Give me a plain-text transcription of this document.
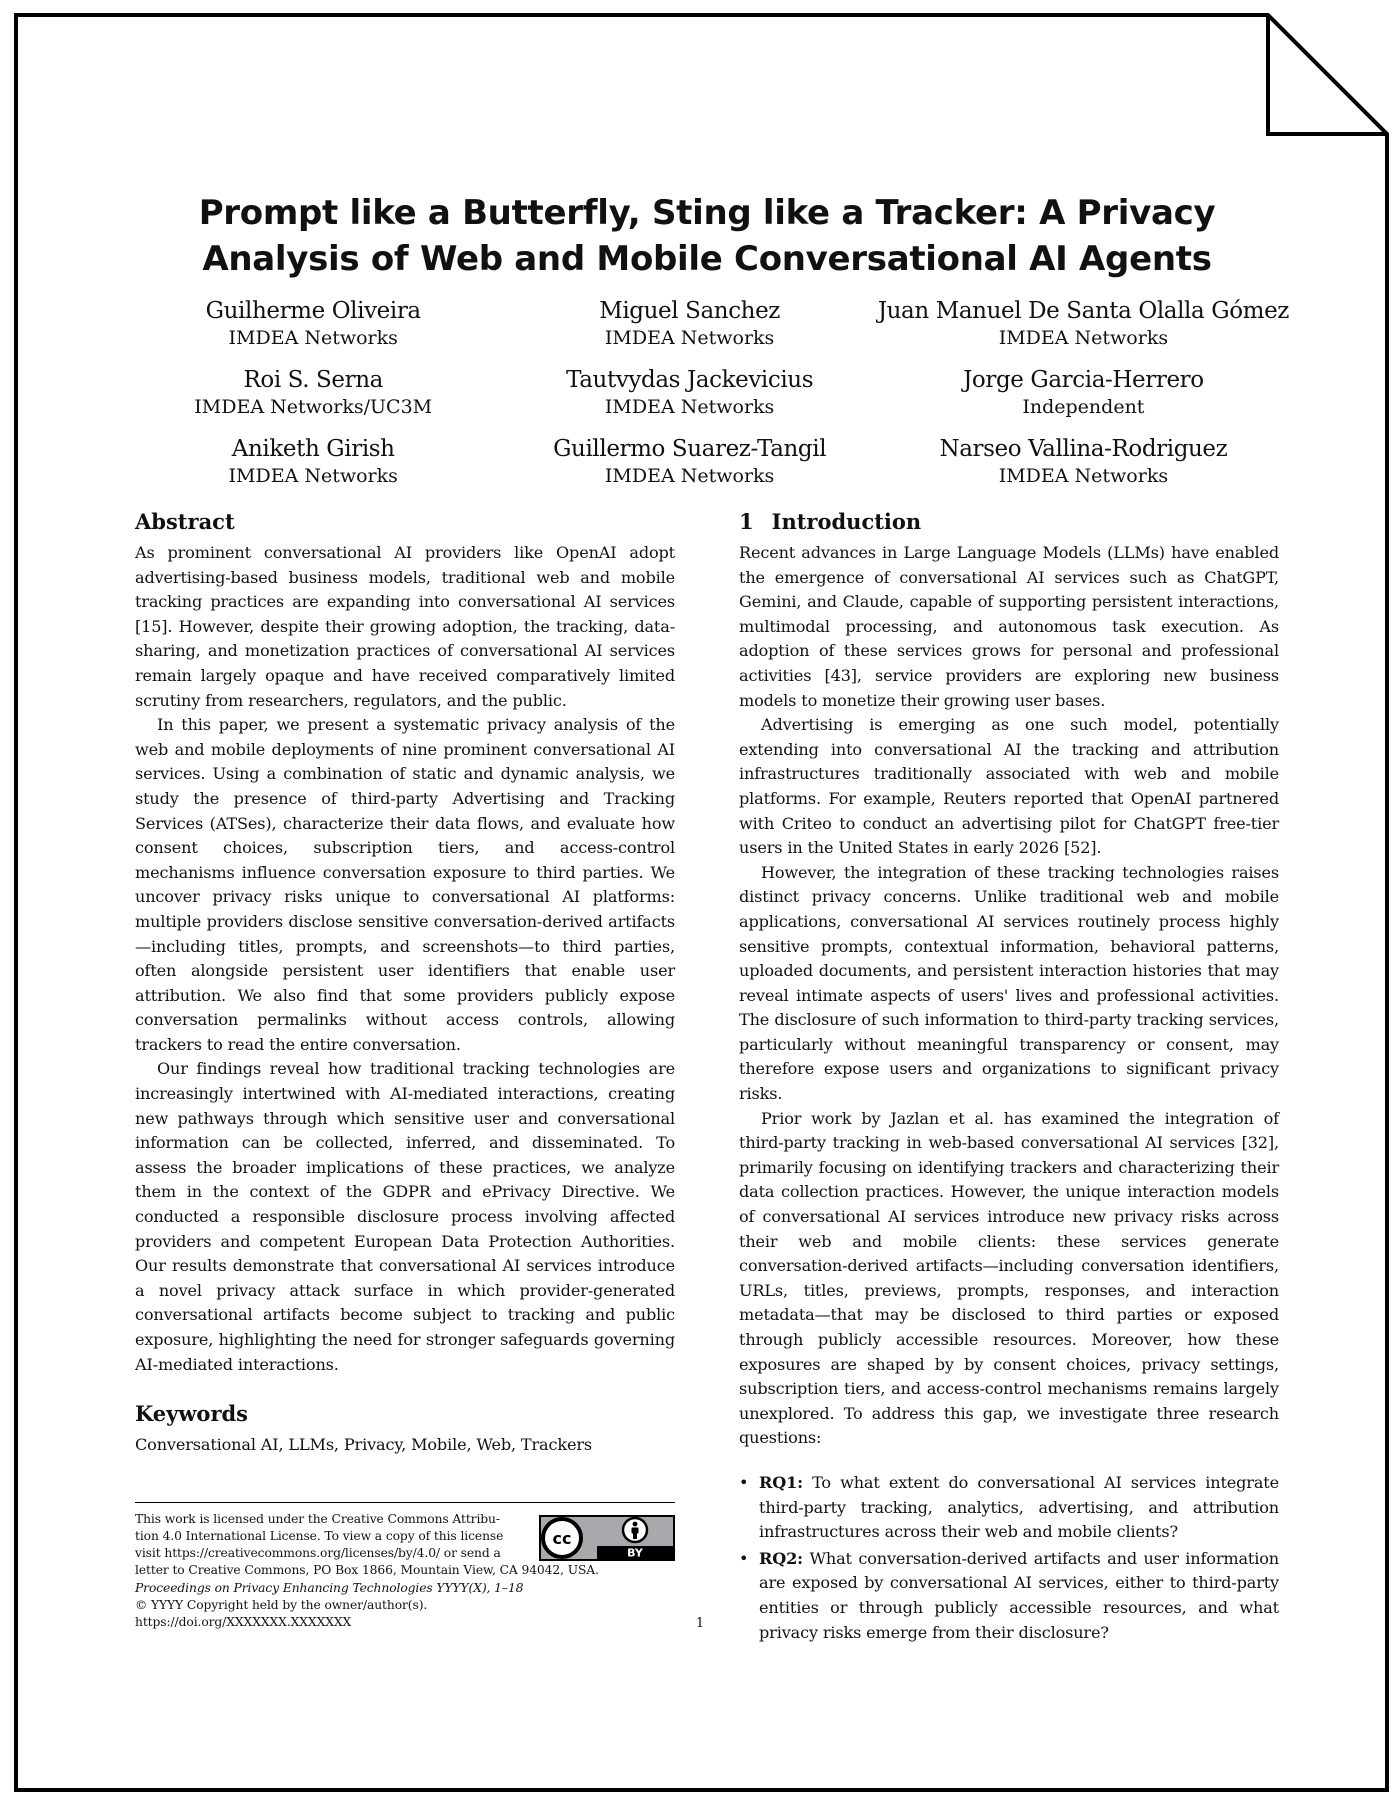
Prompt like a Butterfly, Sting like a Tracker: A Privacy Analysis of Web and Mobile Conversational AI Agents
Guilherme Oliveira
IMDEA Networks
Miguel Sanchez
IMDEA Networks
Juan Manuel De Santa Olalla Gómez
IMDEA Networks
Roi S. Serna
IMDEA Networks/UC3M
Tautvydas Jackevicius
IMDEA Networks
Jorge Garcia-Herrero
Independent
Aniketh Girish
IMDEA Networks
Guillermo Suarez-Tangil
IMDEA Networks
Narseo Vallina-Rodriguez
IMDEA Networks
Abstract

As prominent conversational AI providers like OpenAI adopt advertising-based business models, traditional web and mobile tracking practices are expanding into conversational AI services [15]. However, despite their growing adoption, the tracking, data-sharing, and monetization practices of conversational AI services remain largely opaque and have received comparatively limited scrutiny from researchers, regulators, and the public.

In this paper, we present a systematic privacy analysis of the web and mobile deployments of nine prominent conversational AI services. Using a combination of static and dynamic analysis, we study the presence of third-party Advertising and Tracking Services (ATSes), characterize their data flows, and evaluate how consent choices, subscription tiers, and access-control mechanisms influence conversation exposure to third parties. We uncover privacy risks unique to conversational AI platforms: multiple providers disclose sensitive conversation-derived artifacts—including titles, prompts, and screenshots—to third parties, often alongside persistent user identifiers that enable user attribution. We also find that some providers publicly expose conversation permalinks without access controls, allowing trackers to read the entire conversation.

Our findings reveal how traditional tracking technologies are increasingly intertwined with AI-mediated interactions, creating new pathways through which sensitive user and conversational information can be collected, inferred, and disseminated. To assess the broader implications of these practices, we analyze them in the context of the GDPR and ePrivacy Directive. We conducted a responsible disclosure process involving affected providers and competent European Data Protection Authorities. Our results demonstrate that conversational AI services introduce a novel privacy attack surface in which provider-generated conversational artifacts become subject to tracking and public exposure, highlighting the need for stronger safeguards governing AI-mediated interactions.

Keywords

Conversational AI, LLMs, Privacy, Mobile, Web, Trackers

This work is licensed under the Creative Commons Attribu-
tion 4.0 International License. To view a copy of this license
visit https://creativecommons.org/licenses/by/4.0/ or send a
letter to Creative Commons, PO Box 1866, Mountain View, CA 94042, USA.
Proceedings on Privacy Enhancing Technologies YYYY(X), 1–18
© YYYY Copyright held by the owner/author(s).
https://doi.org/XXXXXXX.XXXXXXX
BY
cc
1 Introduction

Recent advances in Large Language Models (LLMs) have enabled the emergence of conversational AI services such as ChatGPT, Gemini, and Claude, capable of supporting persistent interactions, multimodal processing, and autonomous task execution. As adoption of these services grows for personal and professional activities [43], service providers are exploring new business models to monetize their growing user bases.

Advertising is emerging as one such model, potentially extending into conversational AI the tracking and attribution infrastructures traditionally associated with web and mobile platforms. For example, Reuters reported that OpenAI partnered with Criteo to conduct an advertising pilot for ChatGPT free-tier users in the United States in early 2026 [52].

However, the integration of these tracking technologies raises distinct privacy concerns. Unlike traditional web and mobile applications, conversational AI services routinely process highly sensitive prompts, contextual information, behavioral patterns, uploaded documents, and persistent interaction histories that may reveal intimate aspects of users' lives and professional activities. The disclosure of such information to third-party tracking services, particularly without meaningful transparency or consent, may therefore expose users and organizations to significant privacy risks.

Prior work by Jazlan et al. has examined the integration of third-party tracking in web-based conversational AI services [32], primarily focusing on identifying trackers and characterizing their data collection practices. However, the unique interaction models of conversational AI services introduce new privacy risks across their web and mobile clients: these services generate conversation-derived artifacts—including conversation identifiers, URLs, titles, previews, prompts, responses, and interaction metadata—that may be disclosed to third parties or exposed through publicly accessible resources. Moreover, how these exposures are shaped by by consent choices, privacy settings, subscription tiers, and access-control mechanisms remains largely unexplored. To address this gap, we investigate three research questions:

• RQ1: To what extent do conversational AI services integrate third-party tracking, analytics, advertising, and attribution infrastructures across their web and mobile clients?
• RQ2: What conversation-derived artifacts and user information are exposed by conversational AI services, either to third-party entities or through publicly accessible resources, and what privacy risks emerge from their disclosure?
1
